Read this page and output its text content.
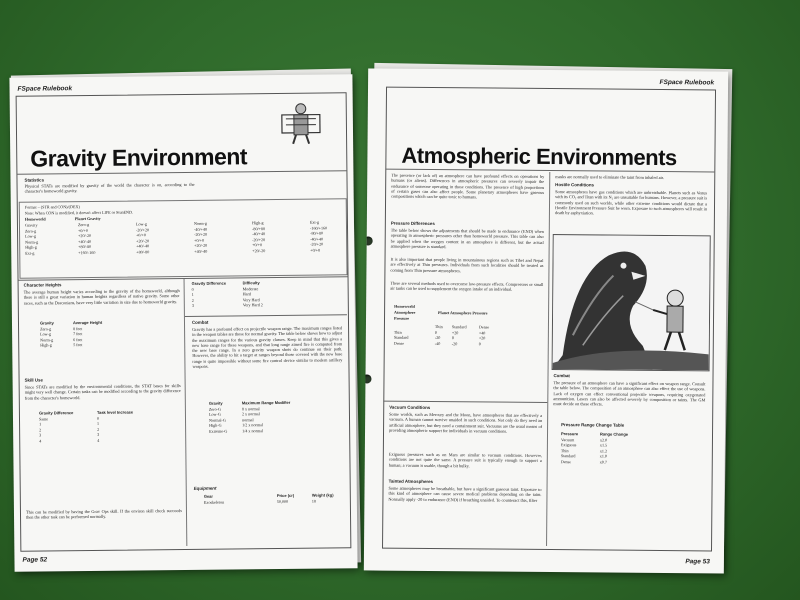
FSpace Rulebook
Gravity Environment
Statistics
Physical STATs are modified by gravity of the world the character is on, according to the character's homeworld gravity.
Format – (STR and CON)/(DEX)
Note: When CON is modified, it doesn't affect LIFE or StunEND.
Homeworld	Planet Gravity
Gravity	Zero-g	Low-g	Norm-g	High-g	Ext-g
Zero-g	+0/+0	-20/+20	-40/+40	-80/+80	-160/+160
Low-g	+20/-20	+0/+0	-20/+20	-40/+40	-80/+80
Norm-g	+40/-40	+20/-20	+0/+0	-20/+20	-40/+40
High-g	+80/-80	+40/-40	+20/-20	+0/+0	-20/+20
Ext-g	+160/-160	+80/-80	+40/-40	+20/-20	+0/+0
Character Heights
The average human height varies according to the gravity of the homeworld, although there is still a great variation in human heights regardless of native gravity. Some other races, such as the Draconians, have very little variation in size due to homeworld gravity.
Gravity	Average Height
Zero-g	8 feet
Low-g	7 feet
Norm-g	6 feet
High-g	5 feet
Skill Use
Since STATs are modified by the environmental conditions, the STAT bases for skills might very well change. Certain tasks can be modified according to the gravity difference from the character's homeworld.
Gravity Difference	Task level Increase
Same	0
1	1
2	2
3	3
4	4
This can be modified by having the Grav Ops skill. If the environ skill check succeeds then the other task can be performed normally.
Gravity Difference	Difficulty
0	Moderate
1	Hard
2	Very Hard
3	Very Hard 2
Combat
Gravity has a profound effect on projectile weapon range. The maximum ranges listed in the weapon tables are those for normal gravity. The table below shows how to adjust the maximum ranges for the various gravity classes. Keep in mind that this gives a new base range for these weapons, and that long range aimed fire is computed from the new base range. In a zero gravity weapon shots do continue on their path. However, the ability to hit a target at ranges beyond those covered with the new base range is quite impossible without some fire control device similar to modern artillery weapons.
Gravity	Maximum Range Modifier
Zero-G	8 x normal
Low-G	2 x normal
Normal-G	normal
High-G	1/2 x normal
Extreme-G	1/4 x normal
Equipment
Gear	Price (cr)	Weight (kg)
Exoskeleton	50,000	10
Page 52
FSpace Rulebook
Atmospheric Environments
The presence (or lack of) an atmosphere can have profound effects on operations by humans (or aliens). Differences in atmospheric pressures can severely impair the endurance of someone operating in those conditions. The presence of high proportions of certain gases can also affect people. Some planetary atmospheres have gaseous compositions which can be quite toxic to humans.
Pressure Differences
The table below shows the adjustments that should be made to endurance (END) when operating in atmospheric pressures other than homeworld pressure. This table can also be applied when the oxygen content in an atmosphere is different, but the actual atmosphere pressure is standard.
It is also important that people living in mountainous regions such as Tibet and Nepal are effectively at Thin pressures. Individuals from such localities should be treated as coming from Thin pressure atmospheres.
There are several methods used to overcome low-pressure effects. Compressors or small air tanks can be used to supplement the oxygen intake of an individual.
Homeworld
Atmosphere
Pressure
Planet Atmosphere Pressure
	Thin	Standard	Dense
Thin	0	+20	+40
Standard	-20	0	+20
Dense	-40	-20	0
Vacuum Conditions
Some worlds, such as Mercury and the Moon, have atmospheres that are effectively a vacuum. A human cannot survive unaided in such conditions. Not only do they need an artificial atmosphere, but they need a containment suit. Vacuums are the usual means of providing atmospheric support for individuals in vacuum conditions.
Exiguous pressures such as on Mars are similar to vacuum conditions. However, conditions are not quite the same. A pressure suit is typically enough to support a human; a vacuum is usable, though a bit bulky.
Tainted Atmospheres
Some atmospheres may be breathable, but have a significant gaseous taint. Exposure to this kind of atmosphere can cause severe medical problems depending on the taint. Normally apply -20 to endurance (END) if breathing unaided. To counteract this, filter
masks are normally used to eliminate the taint from inhaled air.
Hostile Conditions
Some atmospheres have gas conditions which are unbreathable. Planets such as Venus with its CO₂ and Titan with its N₂ are unsuitable for humans. However, a pressure suit is commonly used on such worlds, while other extreme conditions would dictate that a Hostile Environment Pressure Suit be worn. Exposure to such atmospheres will result in death by asphyxiation.
Combat
The pressure of an atmosphere can have a significant effect on weapon range. Consult the table below. The composition of an atmosphere can also effect the use of weapons. Lack of oxygen can effect conventional projectile weapons, requiring oxygenated ammunition. Lasers can also be affected severely by composition or taints. The GM must decide on these effects.
Pressure Range Change Table
Pressure	Range Change
Vacuum	x2.0
Exiguous	x1.5
Thin	x1.2
Standard	x1.0
Dense	x0.7
Page 53
